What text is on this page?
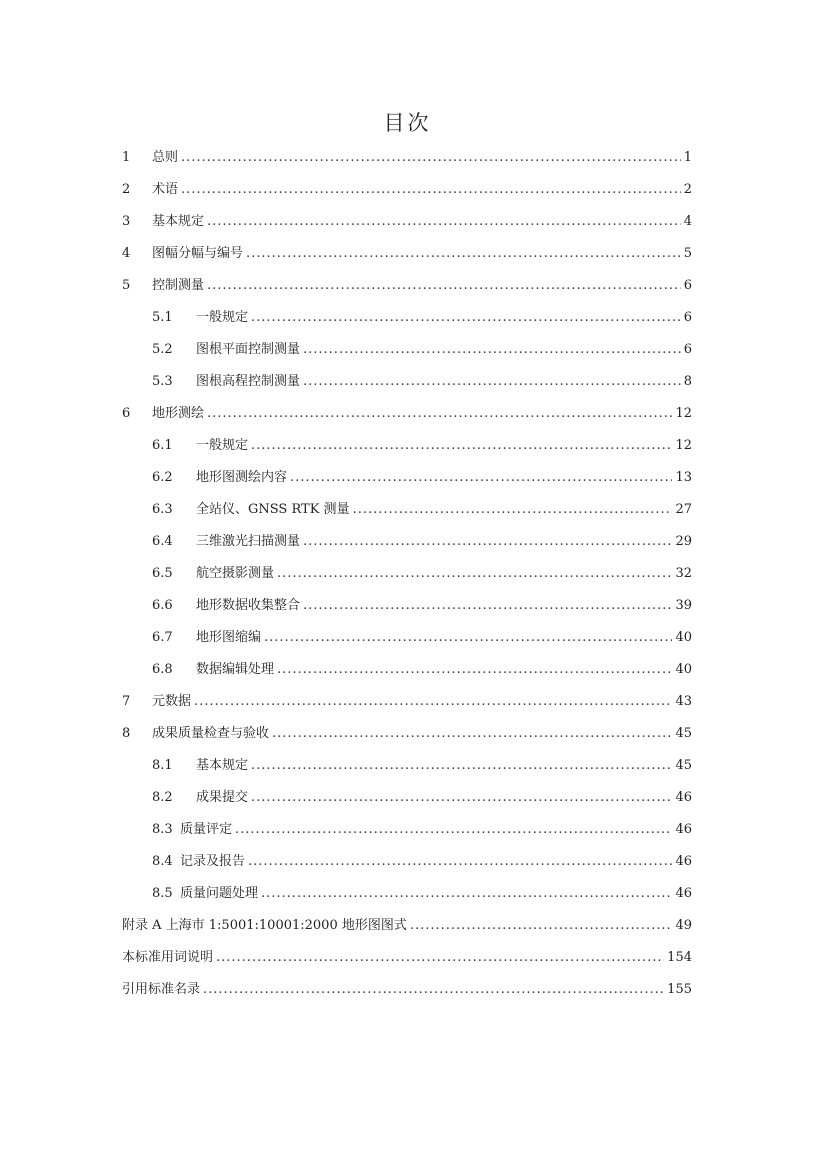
目次
1	总则 .....	1
2	术语 .....	2
3	基本规定 .....	4
4	图幅分幅与编号 .....	5
5	控制测量 .....	6
5.1	一般规定 .....	6
5.2	图根平面控制测量 .....	6
5.3	图根高程控制测量 .....	8
6	地形测绘 .....	12
6.1	一般规定 .....	12
6.2	地形图测绘内容 .....	13
6.3	全站仪、GNSS RTK 测量 .....	27
6.4	三维激光扫描测量 .....	29
6.5	航空摄影测量 .....	32
6.6	地形数据收集整合 .....	39
6.7	地形图缩编 .....	40
6.8	数据编辑处理 .....	40
7	元数据 .....	43
8	成果质量检查与验收 .....	45
8.1	基本规定 .....	45
8.2	成果提交 .....	46
8.3 质量评定 .....	46
8.4 记录及报告 .....	46
8.5 质量问题处理 .....	46
附录 A 上海市 1:5001:10001:2000 地形图图式 .....	49
本标准用词说明 .....	154
引用标准名录 .....	155
